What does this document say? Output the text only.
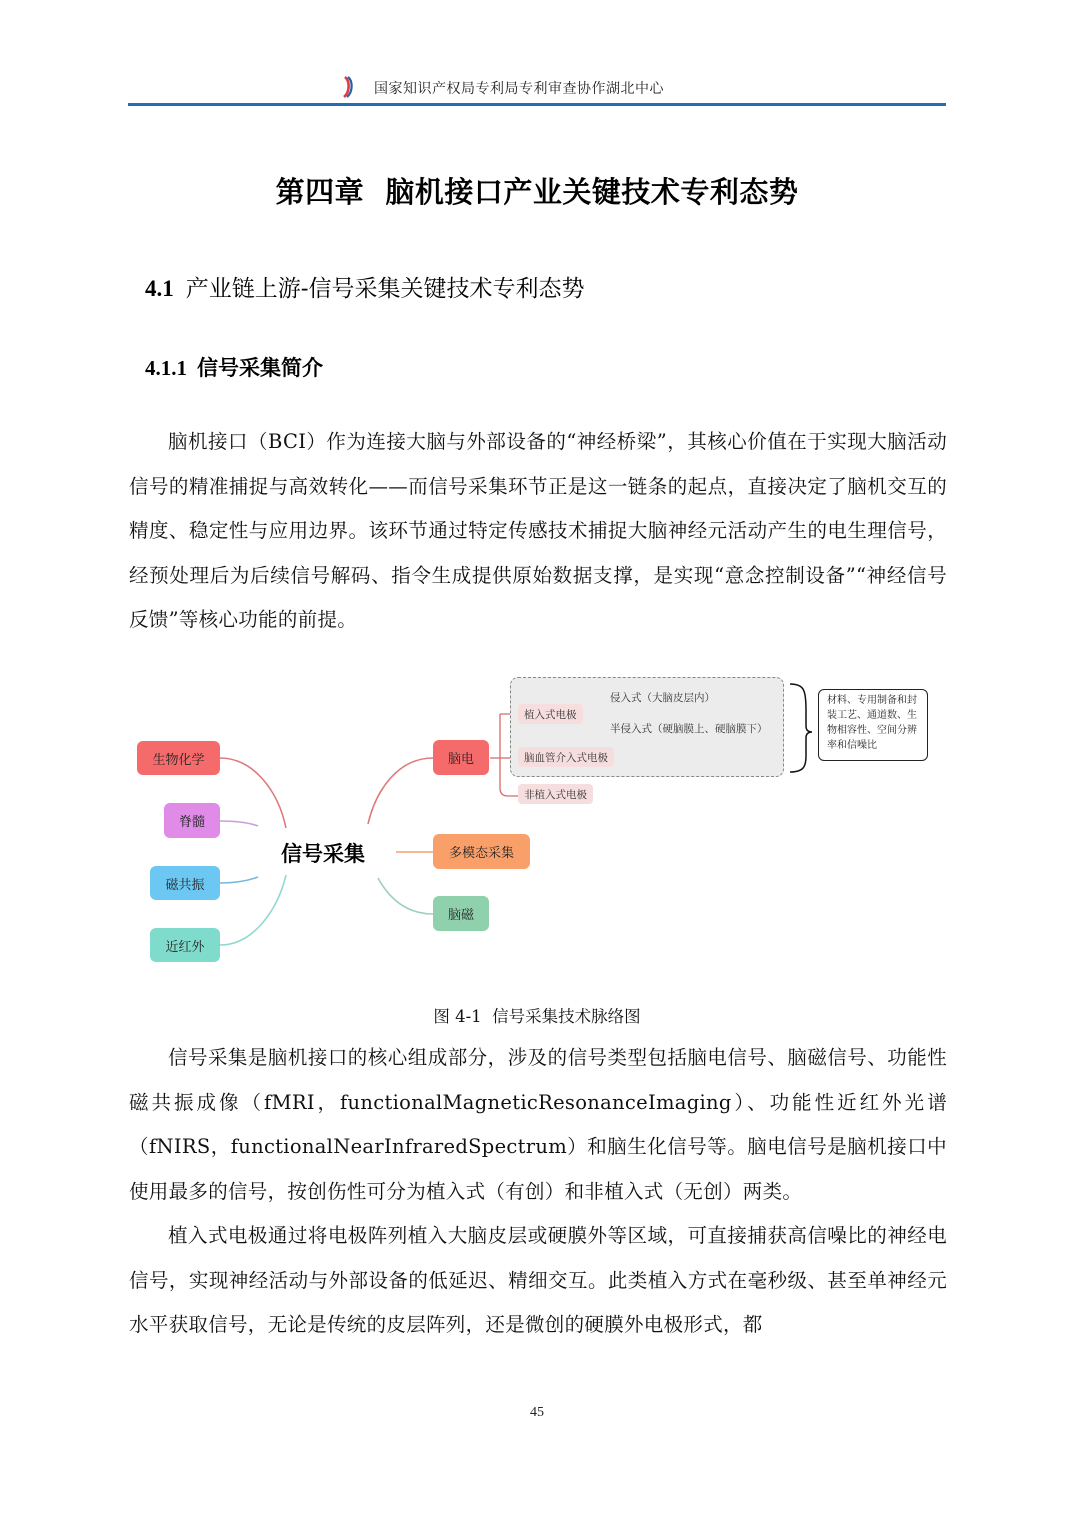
国家知识产权局专利局专利审查协作湖北中心
第四章  脑机接口产业关键技术专利态势
4.1 产业链上游-信号采集关键技术专利态势
4.1.1 信号采集简介

脑机接口（BCI）作为连接大脑与外部设备的“神经桥梁”，其核心价值在于实现大脑活动信号的精准捕捉与高效转化——而信号采集环节正是这一链条的起点，直接决定了脑机交互的精度、稳定性与应用边界。该环节通过特定传感技术捕捉大脑神经元活动产生的电生理信号，经预处理后为后续信号解码、指令生成提供原始数据支撑，是实现“意念控制设备”“神经信号反馈”等核心功能的前提。

生物化学
脊髓
磁共振
近红外
信号采集
脑电
多模态采集
脑磁
植入式电极
脑血管介入式电极
非植入式电极
侵入式（大脑皮层内）
半侵入式（硬脑膜上、硬脑膜下）
材料、专用制备和封装工艺、通道数、生物相容性、空间分辨率和信噪比
图 4-1  信号采集技术脉络图

信号采集是脑机接口的核心组成部分，涉及的信号类型包括脑电信号、脑磁信号、功能性磁共振成像（fMRI，functionalMagneticResonanceImaging）、功能性近红外光谱（fNIRS，functionalNearInfraredSpectrum）和脑生化信号等。脑电信号是脑机接口中使用最多的信号，按创伤性可分为植入式（有创）和非植入式（无创）两类。

植入式电极通过将电极阵列植入大脑皮层或硬膜外等区域，可直接捕获高信噪比的神经电信号，实现神经活动与外部设备的低延迟、精细交互。此类植入方式在毫秒级、甚至单神经元水平获取信号，无论是传统的皮层阵列，还是微创的硬膜外电极形式，都

45
